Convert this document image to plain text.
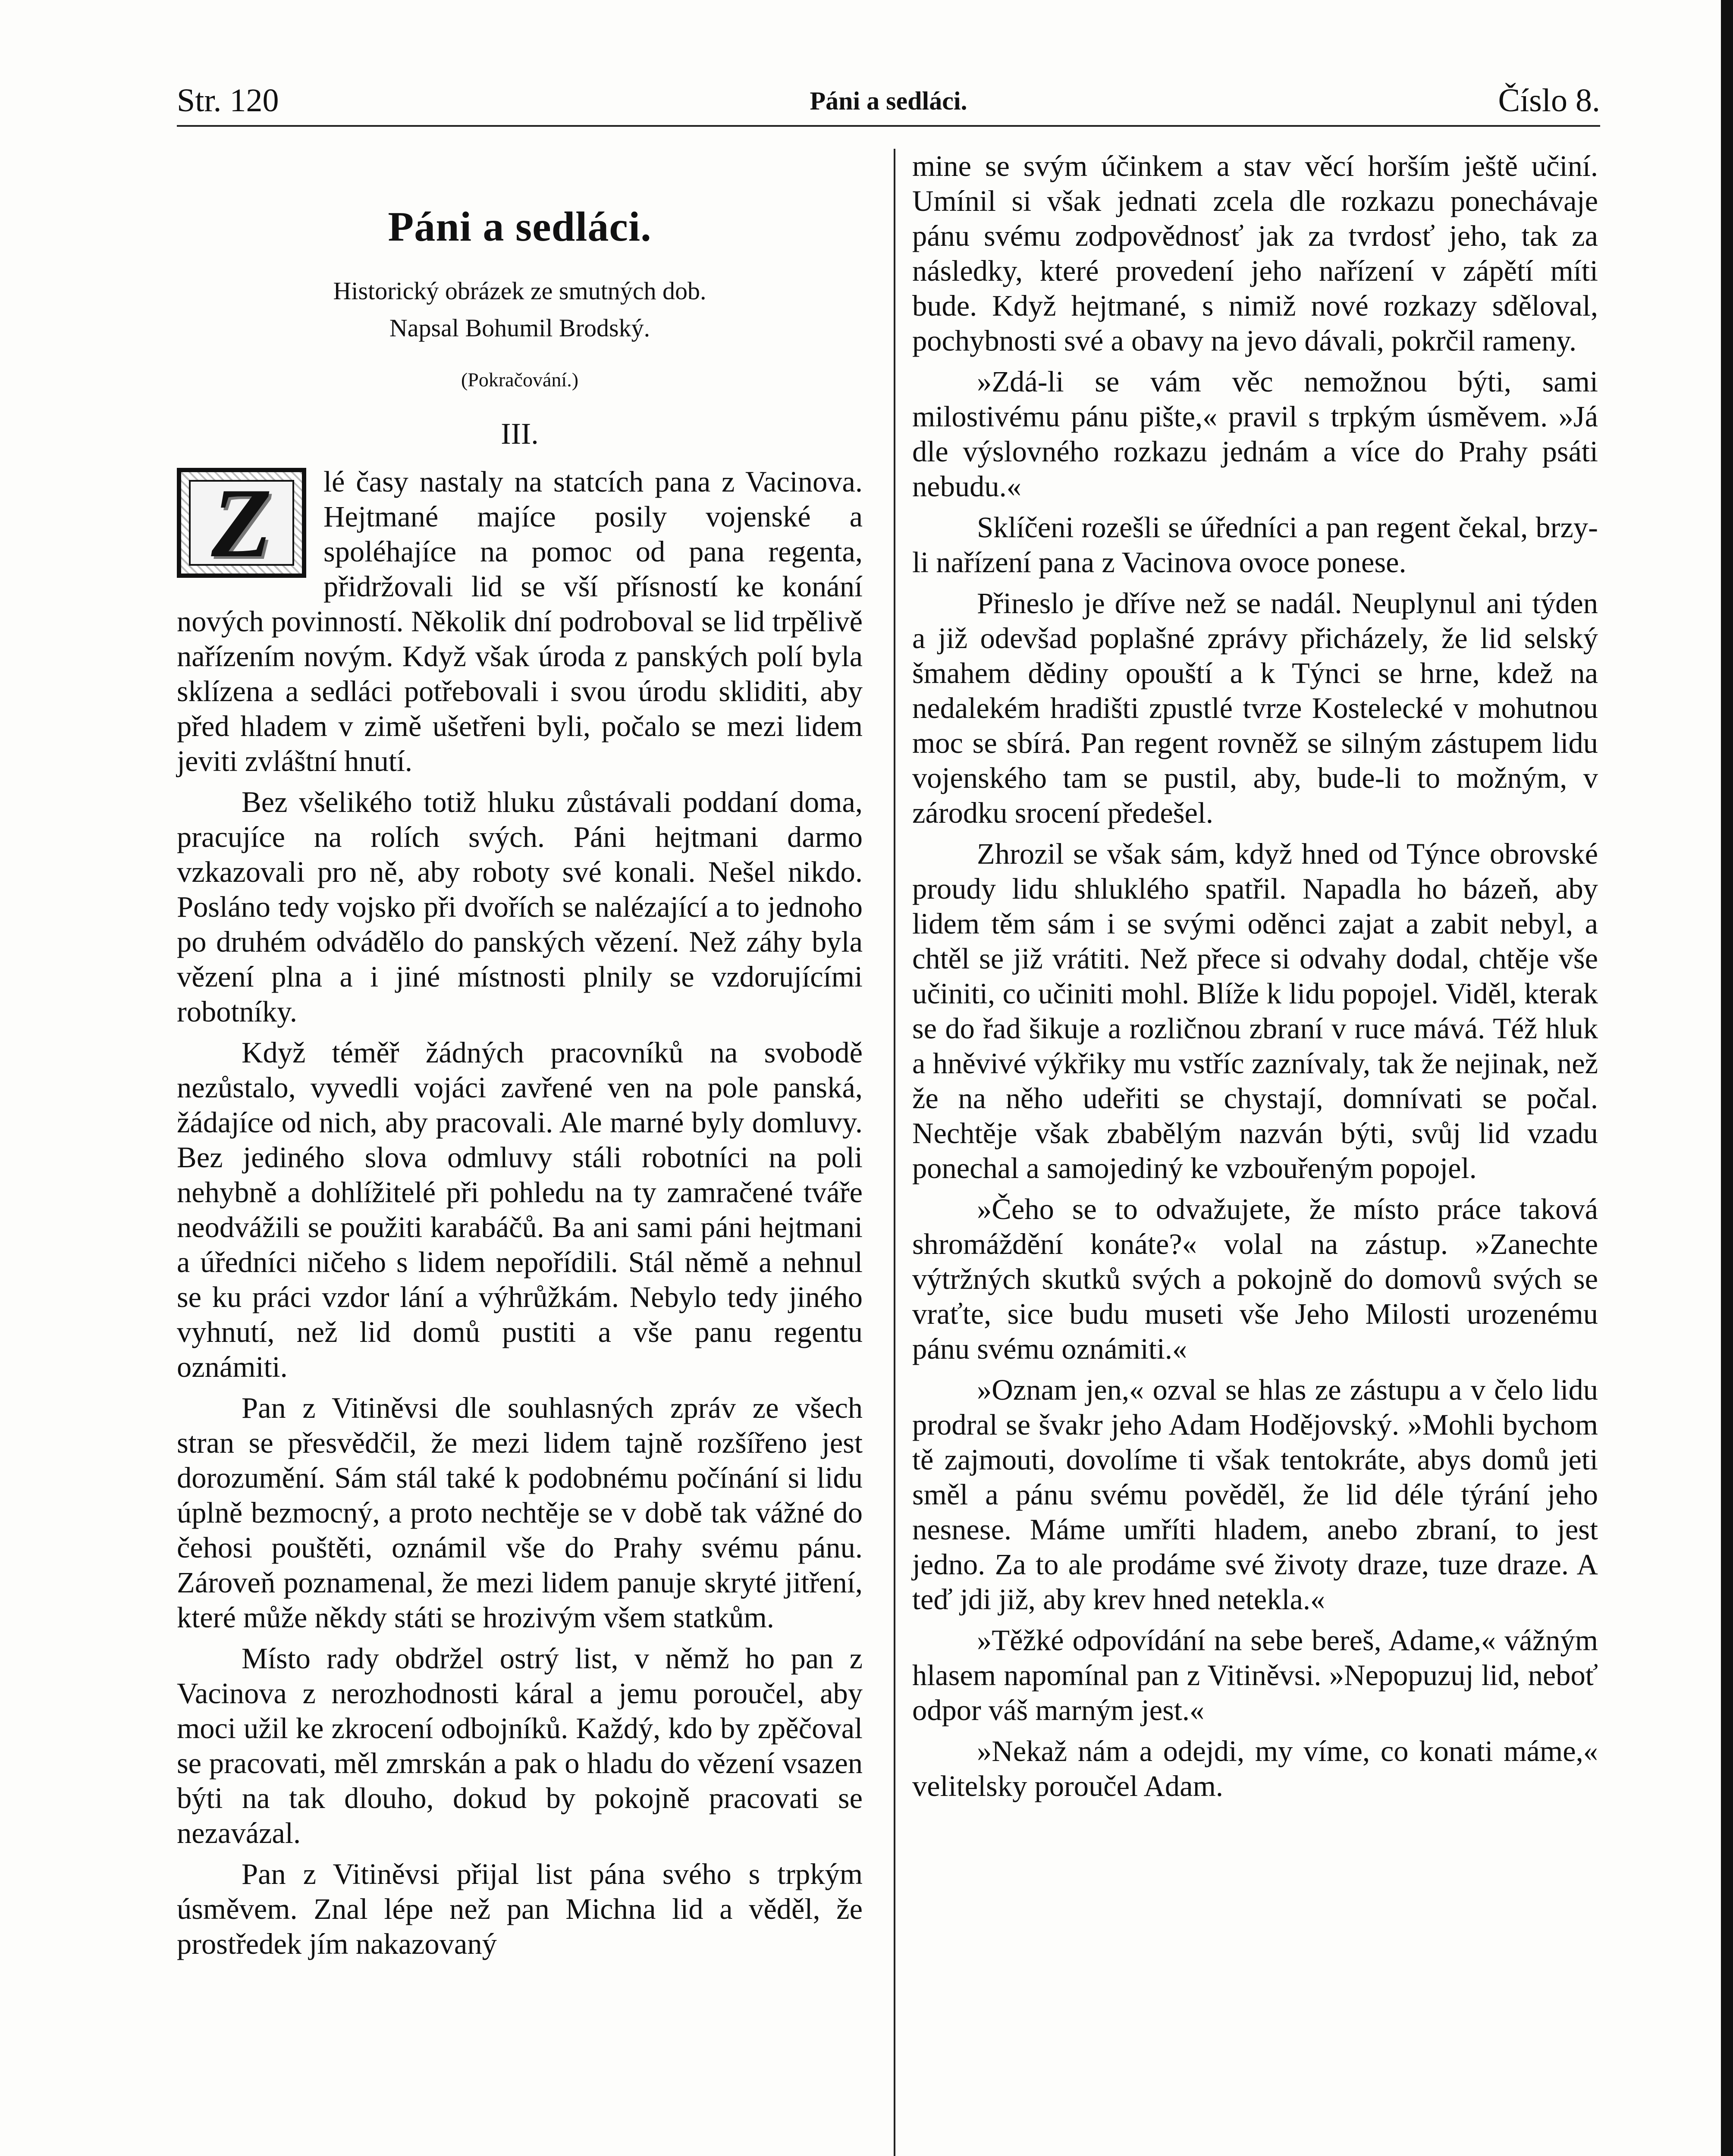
Str. 120	Páni a sedláci.	Číslo 8.
Páni a sedláci.
Historický obrázek ze smutných dob.
Napsal Bohumil Brodský.
(Pokračování.)
III.

Z lé časy nastaly na statcích pana z Vacinova. Hejtmané majíce posily vojenské a spoléhajíce na pomoc od pana regenta, přidržovali lid se vší přísností ke konání nových povinností. Několik dní podroboval se lid trpělivě nařízením novým. Když však úroda z panských polí byla sklízena a sedláci potřebovali i svou úrodu skliditi, aby před hladem v zimě ušetřeni byli, počalo se mezi lidem jeviti zvláštní hnutí.

Bez všelikého totiž hluku zůstávali poddaní doma, pracujíce na rolích svých. Páni hejtmani darmo vzkazovali pro ně, aby roboty své konali. Nešel nikdo. Posláno tedy vojsko při dvořích se nalézající a to jednoho po druhém odvádělo do panských vězení. Než záhy byla vězení plna a i jiné místnosti plnily se vzdorujícími robotníky.

Když téměř žádných pracovníků na svobodě nezůstalo, vyvedli vojáci zavřené ven na pole panská, žádajíce od nich, aby pracovali. Ale marné byly domluvy. Bez jediného slova odmluvy stáli robotníci na poli nehybně a dohlížitelé při pohledu na ty zamračené tváře neodvážili se použiti karabáčů. Ba ani sami páni hejtmani a úředníci ničeho s lidem nepořídili. Stál němě a nehnul se ku práci vzdor lání a výhrůžkám. Nebylo tedy jiného vyhnutí, než lid domů pustiti a vše panu regentu oznámiti.

Pan z Vitiněvsi dle souhlasných zpráv ze všech stran se přesvědčil, že mezi lidem tajně rozšířeno jest dorozumění. Sám stál také k podobnému počínání si lidu úplně bezmocný, a proto nechtěje se v době tak vážné do čehosi pouštěti, oznámil vše do Prahy svému pánu. Zároveň poznamenal, že mezi lidem panuje skryté jitření, které může někdy státi se hrozivým všem statkům.

Místo rady obdržel ostrý list, v němž ho pan z Vacinova z nerozhodnosti káral a jemu poroučel, aby moci užil ke zkrocení odbojníků. Každý, kdo by zpěčoval se pracovati, měl zmrskán a pak o hladu do vězení vsazen býti na tak dlouho, dokud by pokojně pracovati se nezavázal.

Pan z Vitiněvsi přijal list pána svého s trpkým úsměvem. Znal lépe než pan Michna lid a věděl, že prostředek jím nakazovaný

mine se svým účinkem a stav věcí horším ještě učiní. Umínil si však jednati zcela dle rozkazu ponechávaje pánu svému zodpovědnosť jak za tvrdosť jeho, tak za následky, které provedení jeho nařízení v zápětí míti bude. Když hejtmané, s nimiž nové rozkazy sděloval, pochybnosti své a obavy na jevo dávali, pokrčil rameny.

»Zdá-li se vám věc nemožnou býti, sami milostivému pánu pište,« pravil s trpkým úsměvem. »Já dle výslovného rozkazu jednám a více do Prahy psáti nebudu.«

Sklíčeni rozešli se úředníci a pan regent čekal, brzy-li nařízení pana z Vacinova ovoce ponese.

Přineslo je dříve než se nadál. Neuplynul ani týden a již odevšad poplašné zprávy přicházely, že lid selský šmahem dědiny opouští a k Týnci se hrne, kdež na nedalekém hradišti zpustlé tvrze Kostelecké v mohutnou moc se sbírá. Pan regent rovněž se silným zástupem lidu vojenského tam se pustil, aby, bude-li to možným, v zárodku srocení předešel.

Zhrozil se však sám, když hned od Týnce obrovské proudy lidu shluklého spatřil. Napadla ho bázeň, aby lidem těm sám i se svými oděnci zajat a zabit nebyl, a chtěl se již vrátiti. Než přece si odvahy dodal, chtěje vše učiniti, co učiniti mohl. Blíže k lidu popojel. Viděl, kterak se do řad šikuje a rozličnou zbraní v ruce mává. Též hluk a hněvivé výkřiky mu vstříc zaznívaly, tak že nejinak, než že na něho udeřiti se chystají, domnívati se počal. Nechtěje však zbabělým nazván býti, svůj lid vzadu ponechal a samojediný ke vzbouřeným popojel.

»Čeho se to odvažujete, že místo práce taková shromáždění konáte?« volal na zástup. »Zanechte výtržných skutků svých a pokojně do domovů svých se vraťte, sice budu museti vše Jeho Milosti urozenému pánu svému oznámiti.«

»Oznam jen,« ozval se hlas ze zástupu a v čelo lidu prodral se švakr jeho Adam Hodějovský. »Mohli bychom tě zajmouti, dovolíme ti však tentokráte, abys domů jeti směl a pánu svému pověděl, že lid déle týrání jeho nesnese. Máme umříti hladem, anebo zbraní, to jest jedno. Za to ale prodáme své životy draze, tuze draze. A teď jdi již, aby krev hned netekla.«

»Těžké odpovídání na sebe bereš, Adame,« vážným hlasem napomínal pan z Vitiněvsi. »Nepopuzuj lid, neboť odpor váš marným jest.«

»Nekaž nám a odejdi, my víme, co konati máme,« velitelsky poroučel Adam.
